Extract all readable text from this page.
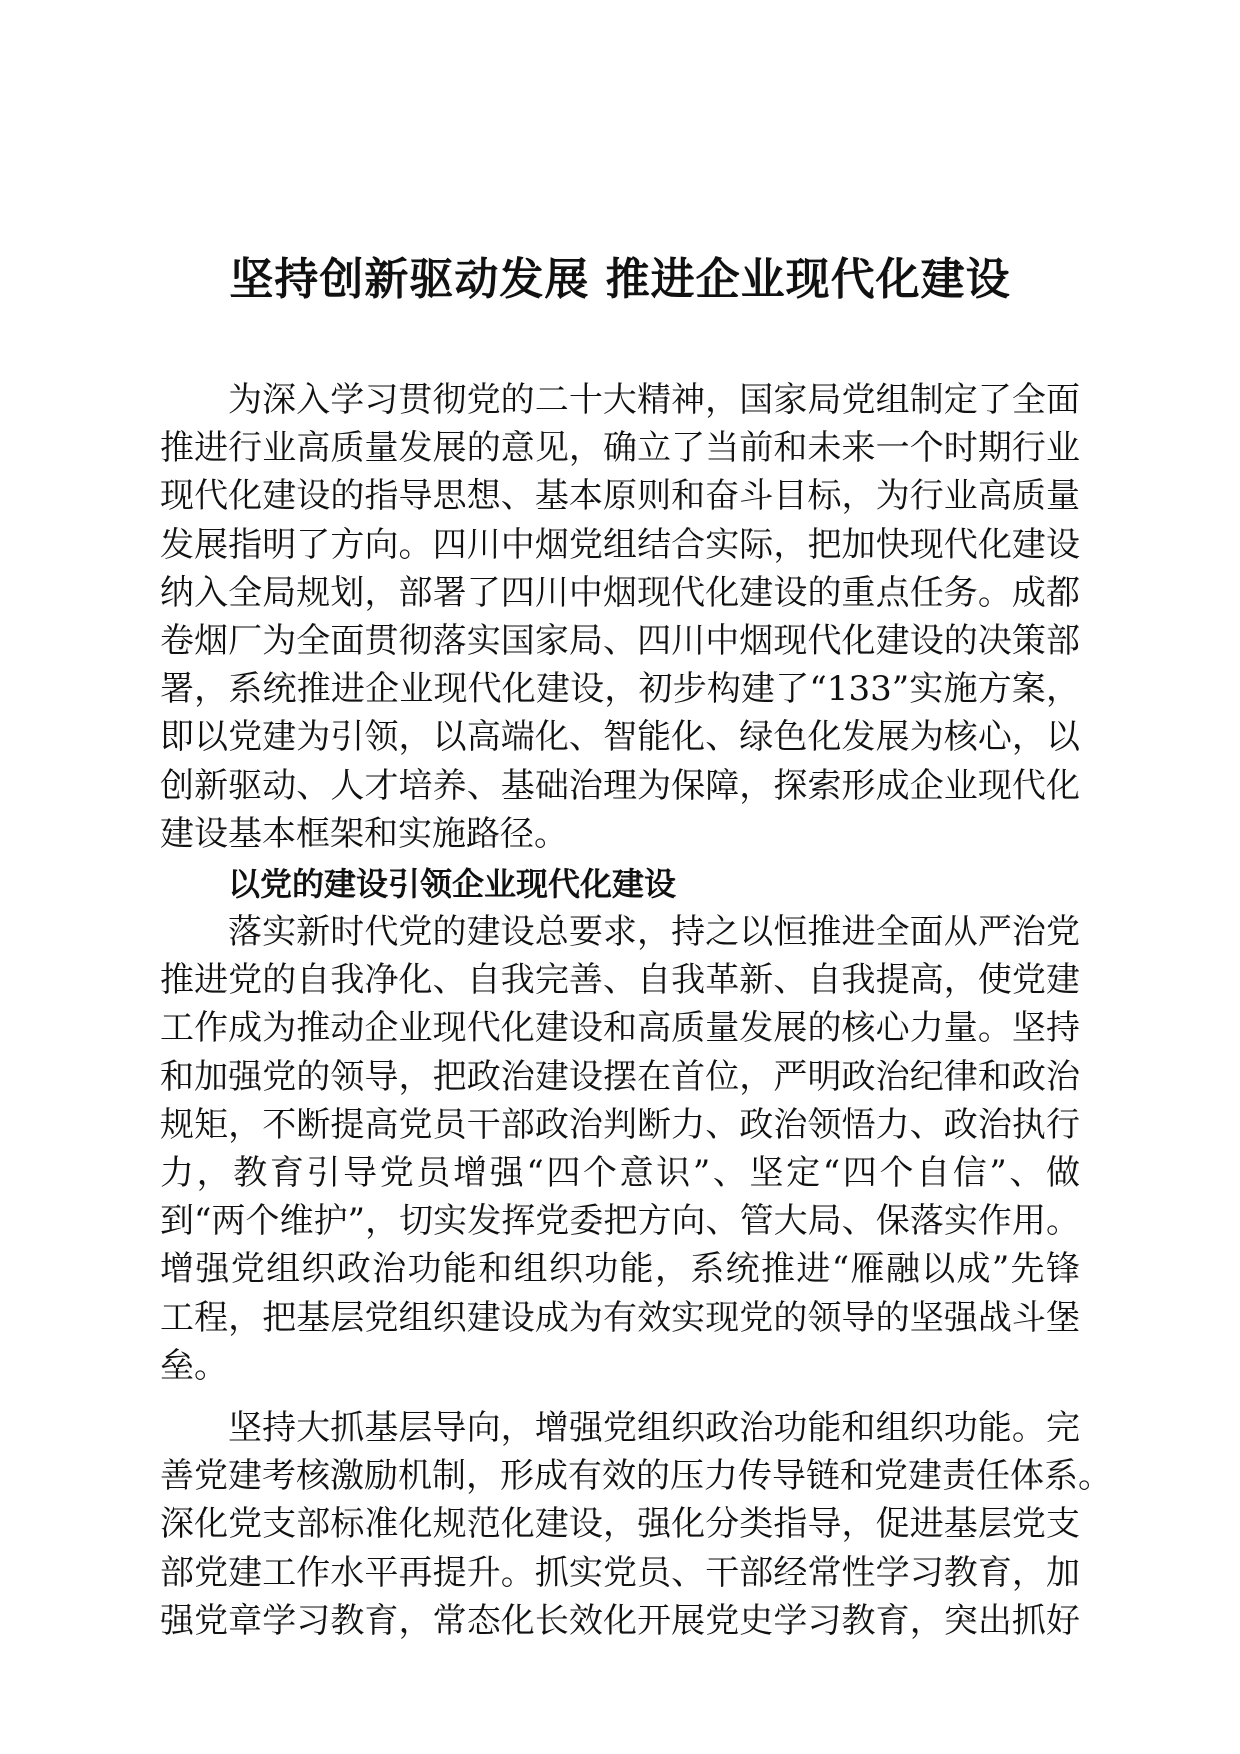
坚持创新驱动发展 推进企业现代化建设
为深入学习贯彻党的二十大精神，国家局党组制定了全面
推进行业高质量发展的意见，确立了当前和未来一个时期行业
现代化建设的指导思想、基本原则和奋斗目标，为行业高质量
发展指明了方向。四川中烟党组结合实际，把加快现代化建设
纳入全局规划，部署了四川中烟现代化建设的重点任务。成都
卷烟厂为全面贯彻落实国家局、四川中烟现代化建设的决策部
署，系统推进企业现代化建设，初步构建了“133”实施方案，
即以党建为引领，以高端化、智能化、绿色化发展为核心，以
创新驱动、人才培养、基础治理为保障，探索形成企业现代化
建设基本框架和实施路径。
以党的建设引领企业现代化建设
落实新时代党的建设总要求，持之以恒推进全面从严治党
推进党的自我净化、自我完善、自我革新、自我提高，使党建
工作成为推动企业现代化建设和高质量发展的核心力量。坚持
和加强党的领导，把政治建设摆在首位，严明政治纪律和政治
规矩，不断提高党员干部政治判断力、政治领悟力、政治执行
力，教育引导党员增强“四个意识”、坚定“四个自信”、做
到“两个维护”，切实发挥党委把方向、管大局、保落实作用。
增强党组织政治功能和组织功能，系统推进“雁融以成”先锋
工程，把基层党组织建设成为有效实现党的领导的坚强战斗堡
垒。
坚持大抓基层导向，增强党组织政治功能和组织功能。完
善党建考核激励机制，形成有效的压力传导链和党建责任体系。
深化党支部标准化规范化建设，强化分类指导，促进基层党支
部党建工作水平再提升。抓实党员、干部经常性学习教育，加
强党章学习教育，常态化长效化开展党史学习教育，突出抓好
